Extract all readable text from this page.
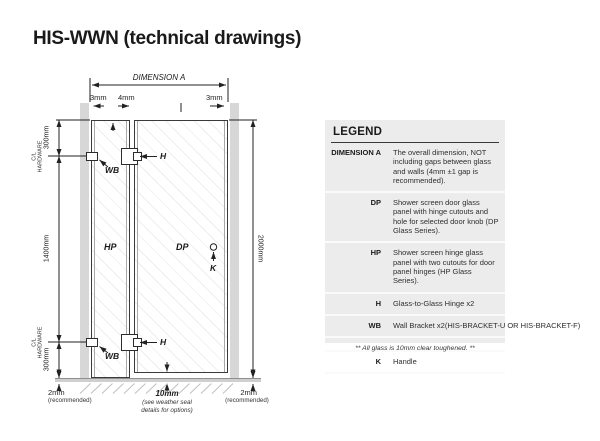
HIS-WWN (technical drawings)
DIMENSION A
3mm 4mm	3mm
300mm
1400mm
300mm
2000mm
C/L HARDWARE
C/L HARDWARE
HP	DP
H
H
WB
WB
K
2mm
(recommended)
10mm
(see weather seal
details for options)
2mm
(recommended)
LEGEND
DIMENSION A The overall dimension, NOT including gaps between glass and walls (4mm ±1 gap is recommended).
DP Shower screen door glass panel with hinge cutouts and hole for selected door knob (DP Glass Series).
HP Shower screen hinge glass panel with two cutouts for door panel hinges (HP Glass Series).
H Glass-to-Glass Hinge x2
WB Wall Bracket x2(HIS-BRACKET-U OR HIS-BRACKET-F)
K Handle
** All glass is 10mm clear toughened. **
